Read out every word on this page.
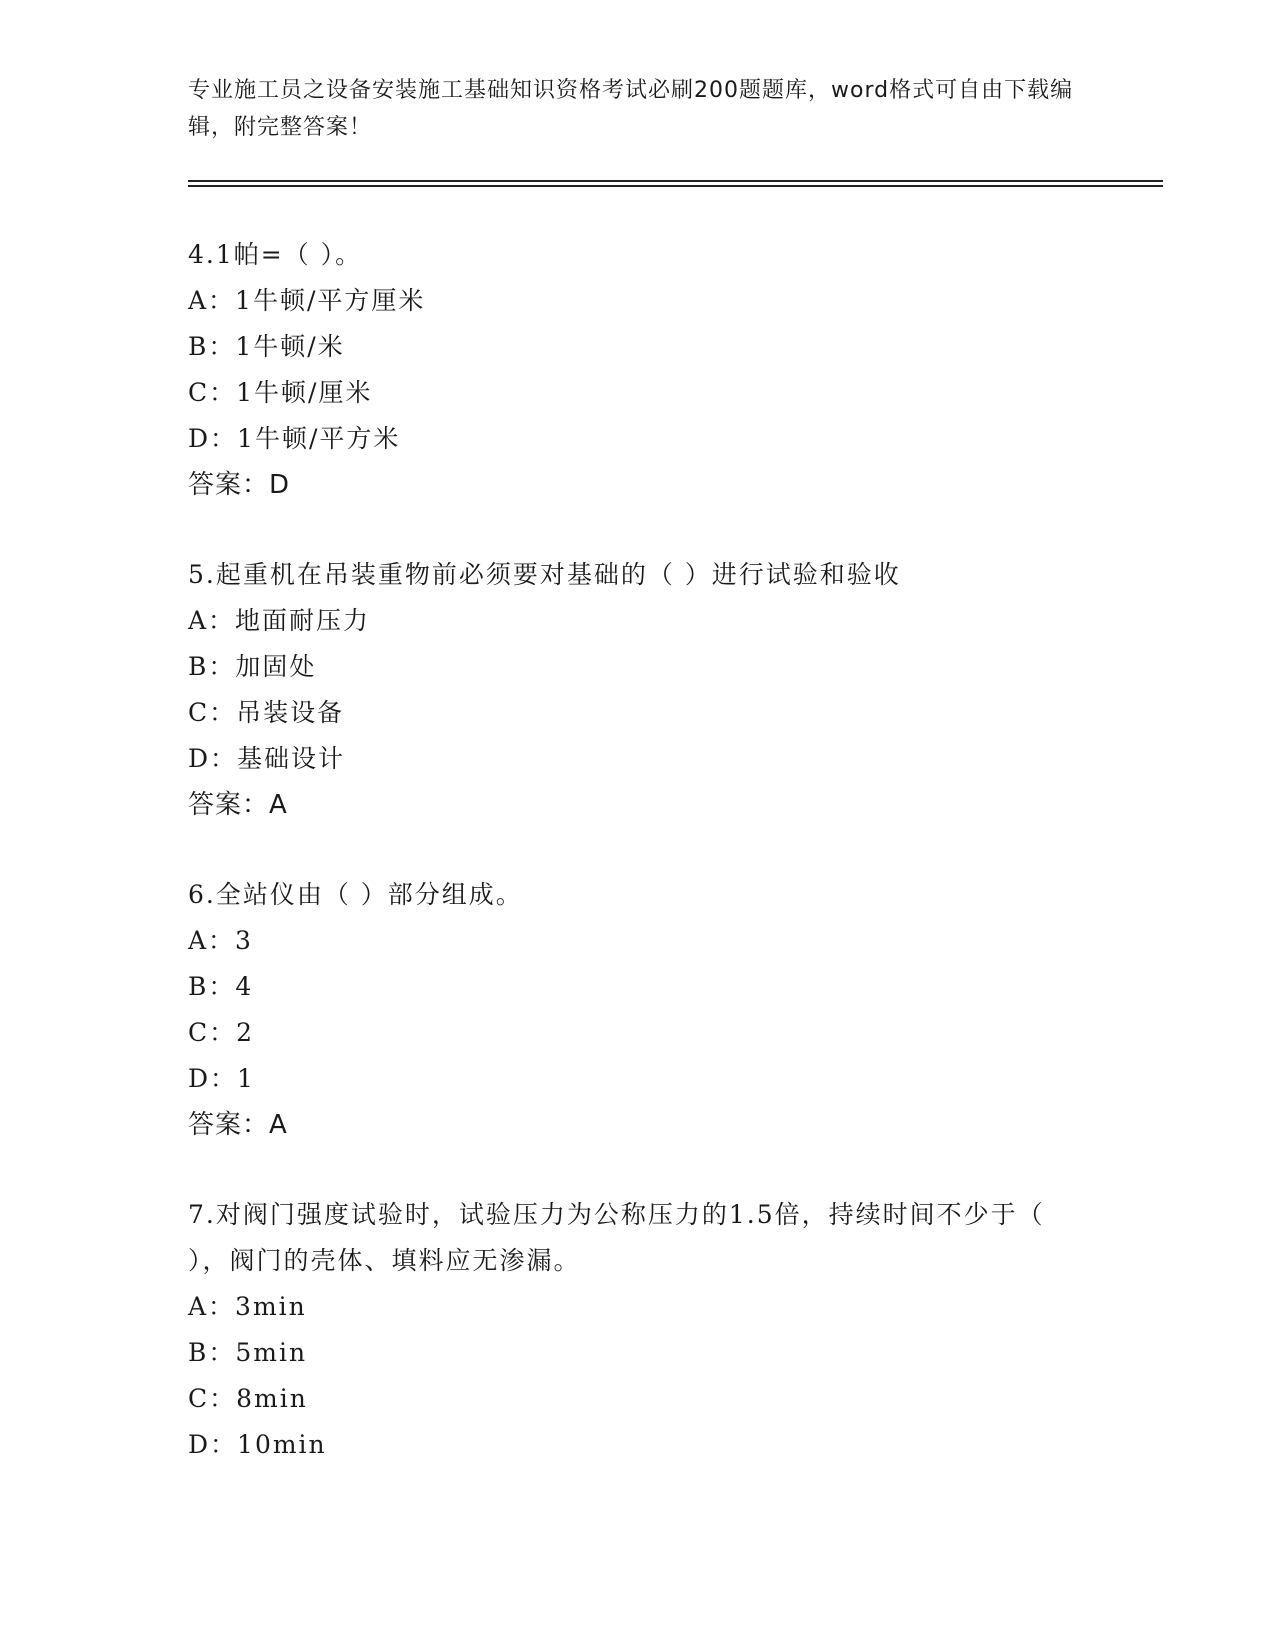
专业施工员之设备安装施工基础知识资格考试必刷200题题库，word格式可自由下载编辑，附完整答案！
4.1帕=（ ）。
A：1牛顿/平方厘米
B：1牛顿/米
C：1牛顿/厘米
D：1牛顿/平方米
答案：D
5.起重机在吊装重物前必须要对基础的（ ）进行试验和验收
A：地面耐压力
B：加固处
C：吊装设备
D：基础设计
答案：A
6.全站仪由（ ）部分组成。
A：3
B：4
C：2
D：1
答案：A
7.对阀门强度试验时，试验压力为公称压力的1.5倍，持续时间不少于（ ），阀门的壳体、填料应无渗漏。
A：3min
B：5min
C：8min
D：10min
